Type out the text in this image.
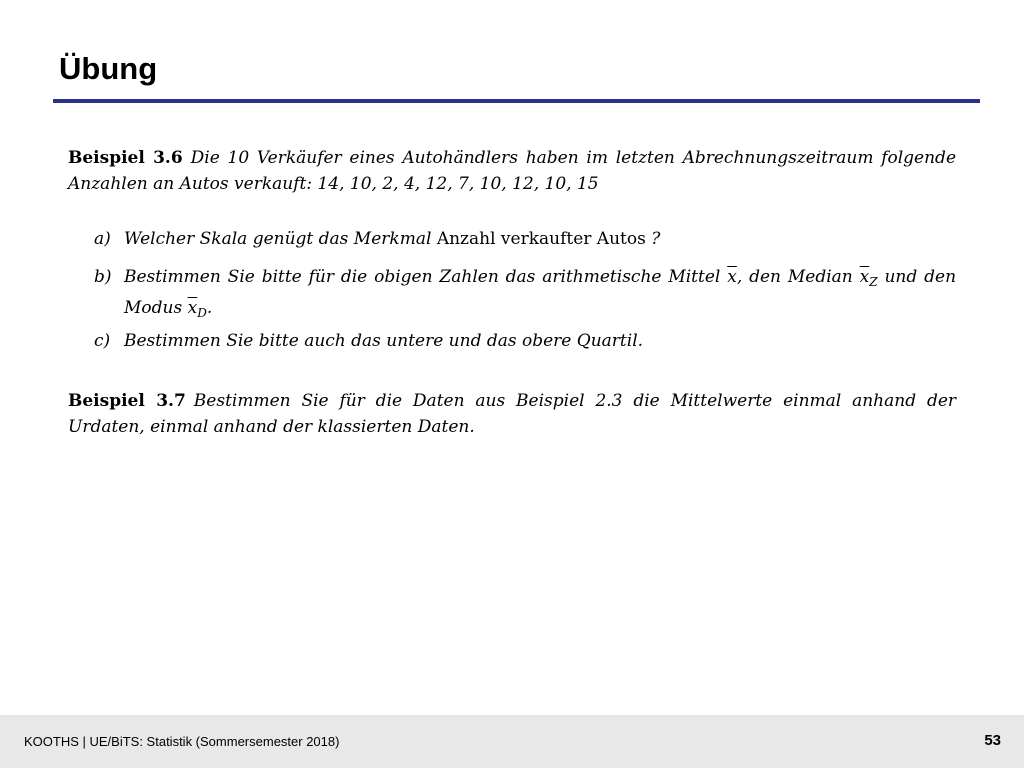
Übung
Beispiel 3.6 Die 10 Verkäufer eines Autohändlers haben im letzten Abrechnungszeitraum folgende Anzahlen an Autos verkauft: 14, 10, 2, 4, 12, 7, 10, 12, 10, 15
a) Welcher Skala genügt das Merkmal Anzahl verkaufter Autos ?
b) Bestimmen Sie bitte für die obigen Zahlen das arithmetische Mittel $\overline{x}$, den Median $\overline{x}_Z$ und den Modus $\overline{x}_D$.
c) Bestimmen Sie bitte auch das untere und das obere Quartil.
Beispiel 3.7 Bestimmen Sie für die Daten aus Beispiel 2.3 die Mittelwerte einmal anhand der Urdaten, einmal anhand der klassierten Daten.
KOOTHS | UE/BiTS: Statistik (Sommersemester 2018)	53
